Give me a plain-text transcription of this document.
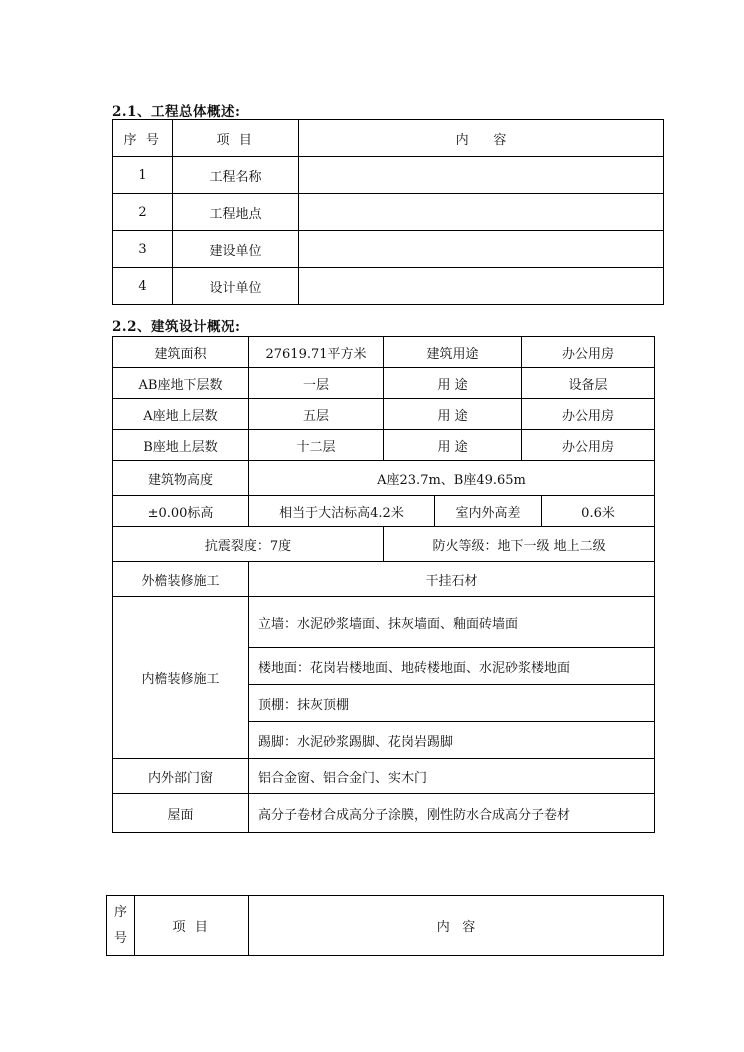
2.1、工程总体概述:
序 号	项 目	内      容
1	工程名称	
2	工程地点	
3	建设单位	
4	设计单位	
2.2、建筑设计概况:
建筑面积	27619.71平方米	建筑用途		办公用房	
AB座地下层数	一层	用 途		设备层	
A座地上层数	五层	用 途		办公用房	
B座地上层数	十二层	用 途		办公用房	
建筑物高度	A座23.7m、B座49.65m				
±0.00标高	相当于大沽标高4.2米		室内外高差		0.6米
抗震裂度：7度		防火等级：地下一级 地上二级			
外檐装修施工	干挂石材				
内檐装修施工	立墙：水泥砂浆墙面、抹灰墙面、釉面砖墙面				
	楼地面：花岗岩楼地面、地砖楼地面、水泥砂浆楼地面				
	顶棚：抹灰顶棚				
	踢脚：水泥砂浆踢脚、花岗岩踢脚				
内外部门窗	铝合金窗、铝合金门、实木门				
屋面	高分子卷材合成高分子涂膜，刚性防水合成高分子卷材				
序
号	项 目	内   容
